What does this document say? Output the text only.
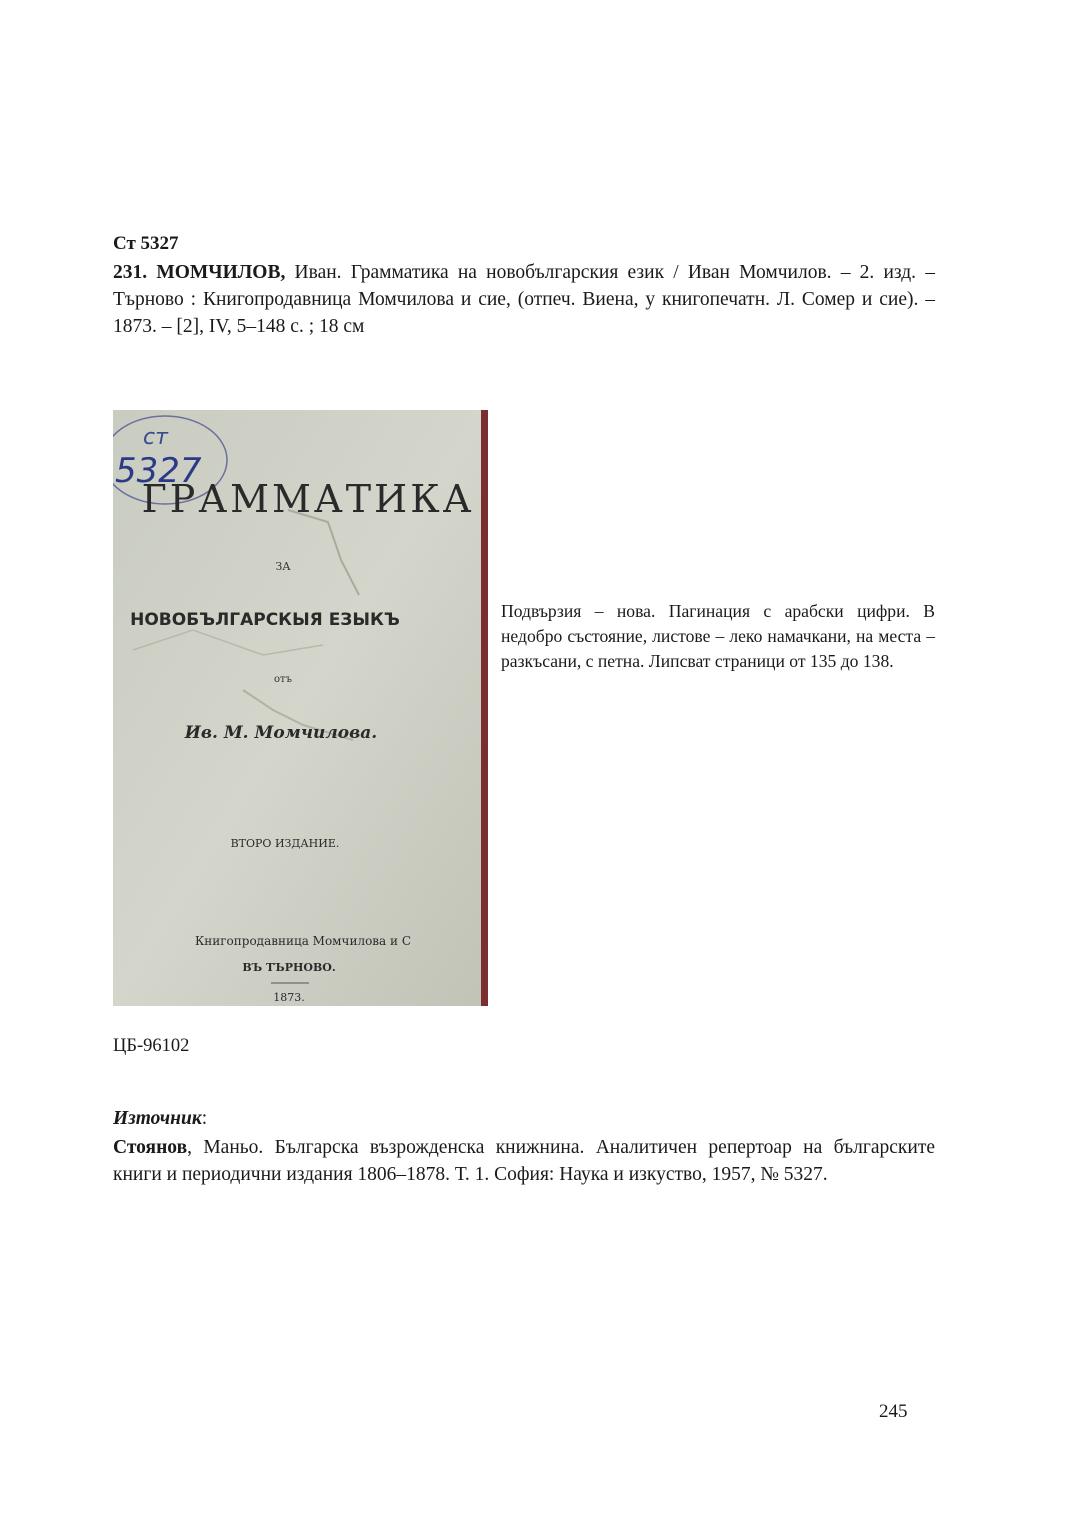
Ст 5327
231. МОМЧИЛОВ, Иван. Грамматика на новобългарския език / Иван Момчилов. – 2. изд. – Търново : Книгопродавница Момчилова и сие, (отпеч. Виена, у книгопечатн. Л. Сомер и сие). – 1873. – [2], IV, 5–148 с. ; 18 см
ст
5327
ГРАММАТИКА
ЗА
НОВОБЪЛГАРСКЫЯ ЕЗЫКЪ
отъ
Ив. М. Момчилова.
ВТОРО ИЗДАНИЕ.
Книгопродавница Момчилова и С
ВЪ ТЪРНОВО.
1873.
Подвързия – нова. Пагинация с арабски цифри. В недобро състояние, листове – леко намачкани, на места – разкъсани, с петна. Липсват страници от 135 до 138.
ЦБ-96102
Източник:
Стоянов, Маньо. Българска възрожденска книжнина. Аналитичен репертоар на българските книги и периодични издания 1806–1878. Т. 1. София: Наука и изкуство, 1957, № 5327.
245
